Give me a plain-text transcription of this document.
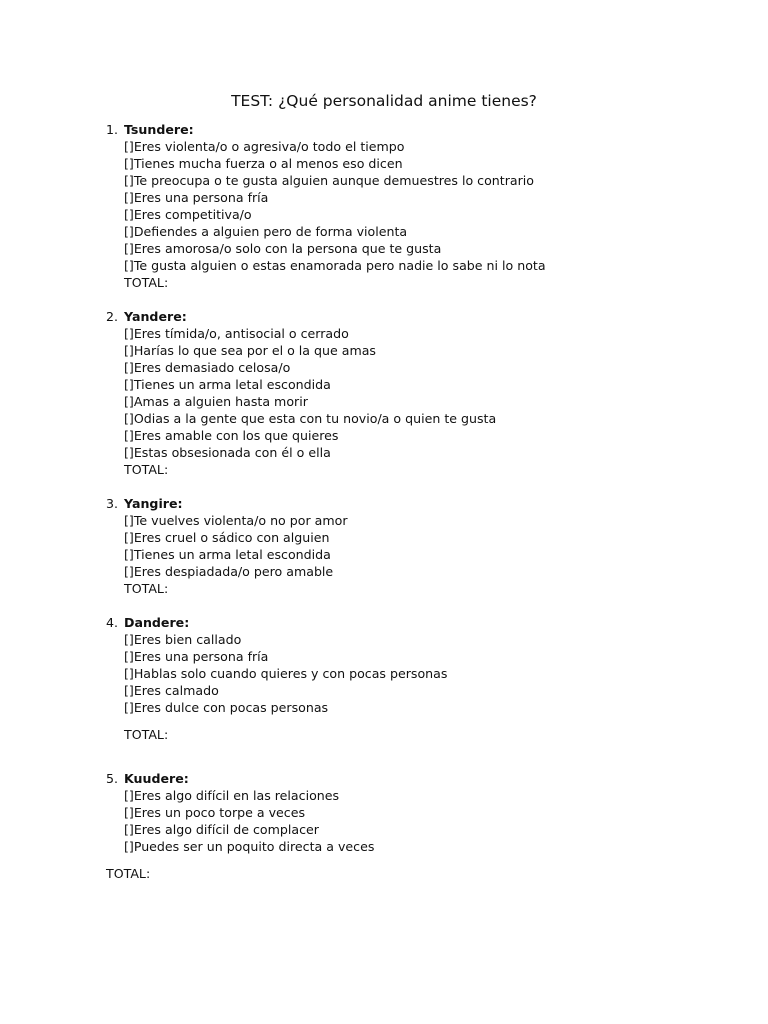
TEST: ¿Qué personalidad anime tienes?
1. Tsundere:
[]Eres violenta/o o agresiva/o todo el tiempo
[]Tienes mucha fuerza o al menos eso dicen
[]Te preocupa o te gusta alguien aunque demuestres lo contrario
[]Eres una persona fría
[]Eres competitiva/o
[]Defiendes a alguien pero de forma violenta
[]Eres amorosa/o solo con la persona que te gusta
[]Te gusta alguien o estas enamorada pero nadie lo sabe ni lo nota
TOTAL:
2. Yandere:
[]Eres tímida/o, antisocial o cerrado
[]Harías lo que sea por el o la que amas
[]Eres demasiado celosa/o
[]Tienes un arma letal escondida
[]Amas a alguien hasta morir
[]Odias a la gente que esta con tu novio/a o quien te gusta
[]Eres amable con los que quieres
[]Estas obsesionada con él o ella
TOTAL:
3. Yangire:
[]Te vuelves violenta/o no por amor
[]Eres cruel o sádico con alguien
[]Tienes un arma letal escondida
[]Eres despiadada/o pero amable
TOTAL:
4. Dandere:
[]Eres bien callado
[]Eres una persona fría
[]Hablas solo cuando quieres y con pocas personas
[]Eres calmado
[]Eres dulce con pocas personas
TOTAL:
5. Kuudere:
[]Eres algo difícil en las relaciones
[]Eres un poco torpe a veces
[]Eres algo difícil de complacer
[]Puedes ser un poquito directa a veces
TOTAL:
